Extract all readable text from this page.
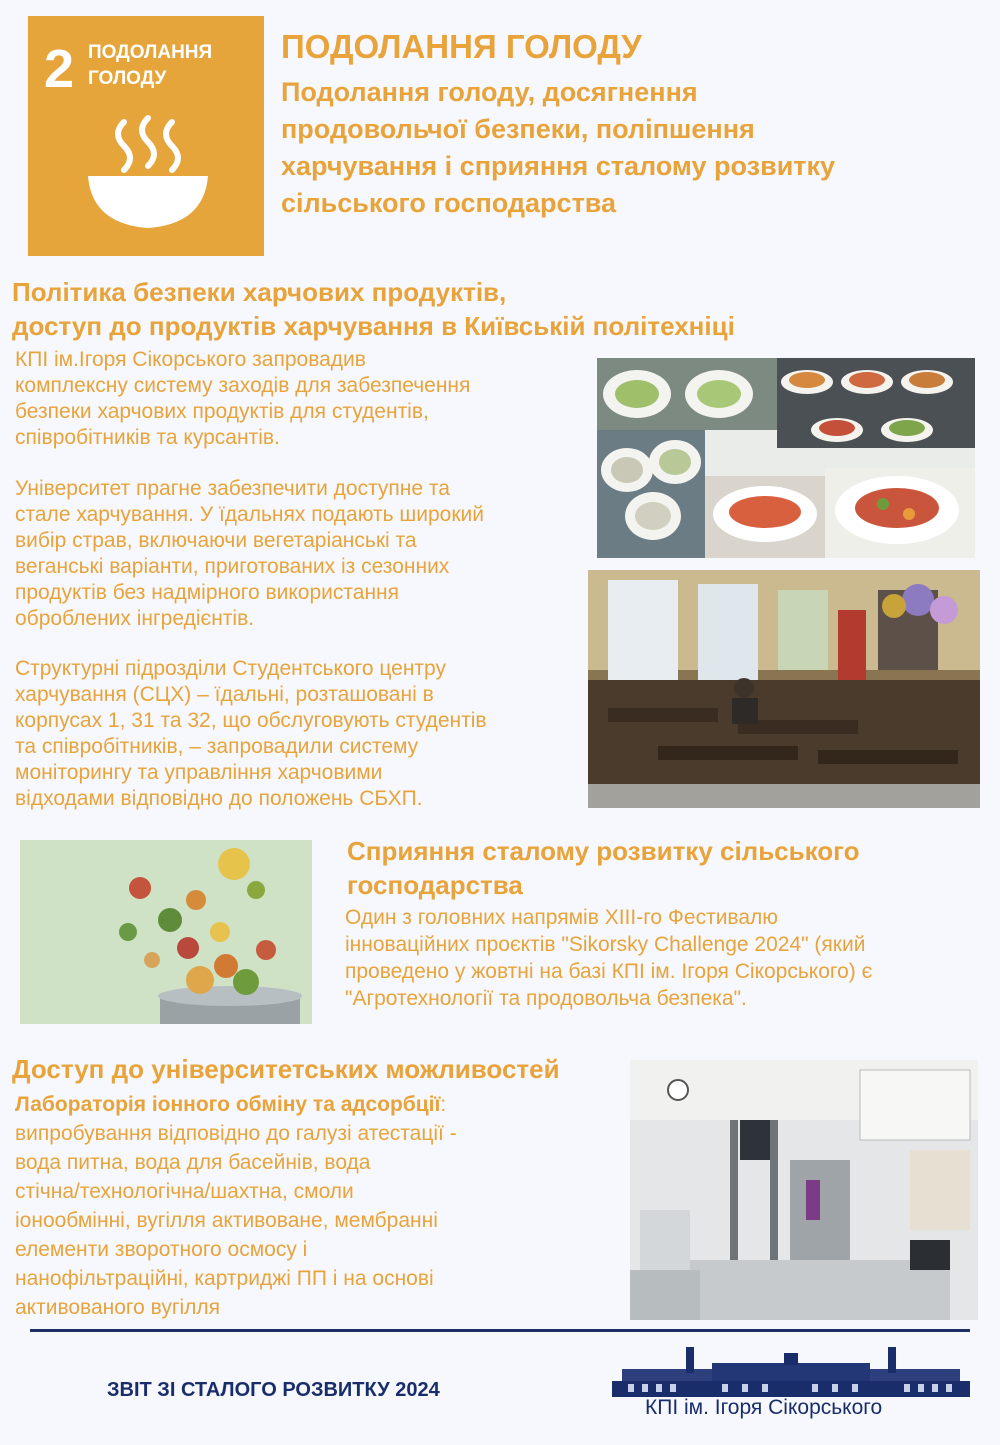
2 ПОДОЛАННЯ
ГОЛОДУ
ПОДОЛАННЯ ГОЛОДУ
Подолання голоду, досягнення
продовольчої безпеки, поліпшення
харчування і сприяння сталому розвитку
сільського господарства
Політика безпеки харчових продуктів,
доступ до продуктів харчування в Київській політехніці
КПІ ім.Ігоря Сікорського запровадив
комплексну систему заходів для забезпечення
безпеки харчових продуктів для студентів,
співробітників та курсантів.
Університет прагне забезпечити доступне та
стале харчування. У їдальнях подають широкий
вибір страв, включаючи вегетаріанські та
веганські варіанти, приготованих із сезонних
продуктів без надмірного використання
оброблених інгредієнтів.
Структурні підрозділи Студентського центру
харчування (СЦХ) – їдальні, розташовані в
корпусах 1, 31 та 32, що обслуговують студентів
та співробітників, – запровадили систему
моніторингу та управління харчовими
відходами відповідно до положень СБХП.
Сприяння сталому розвитку сільського
господарства
Один з головних напрямів XIII-го Фестивалю
інноваційних проєктів "Sikorsky Challenge 2024" (який
проведено у жовтні на базі КПІ ім. Ігоря Сікорського) є
"Агротехнології та продовольча безпека".
Доступ до університетських можливостей
Лабораторія іонного обміну та адсорбції:
випробування відповідно до галузі атестації -
вода питна, вода для басейнів, вода
стічна/технологічна/шахтна, смоли
іонообмінні, вугілля активоване, мембранні
елементи зворотного осмосу і
нанофільтраційні, картриджі ПП і на основі
активованого вугілля
ЗВІТ ЗІ СТАЛОГО РОЗВИТКУ 2024
КПІ ім. Ігоря Сікорського
